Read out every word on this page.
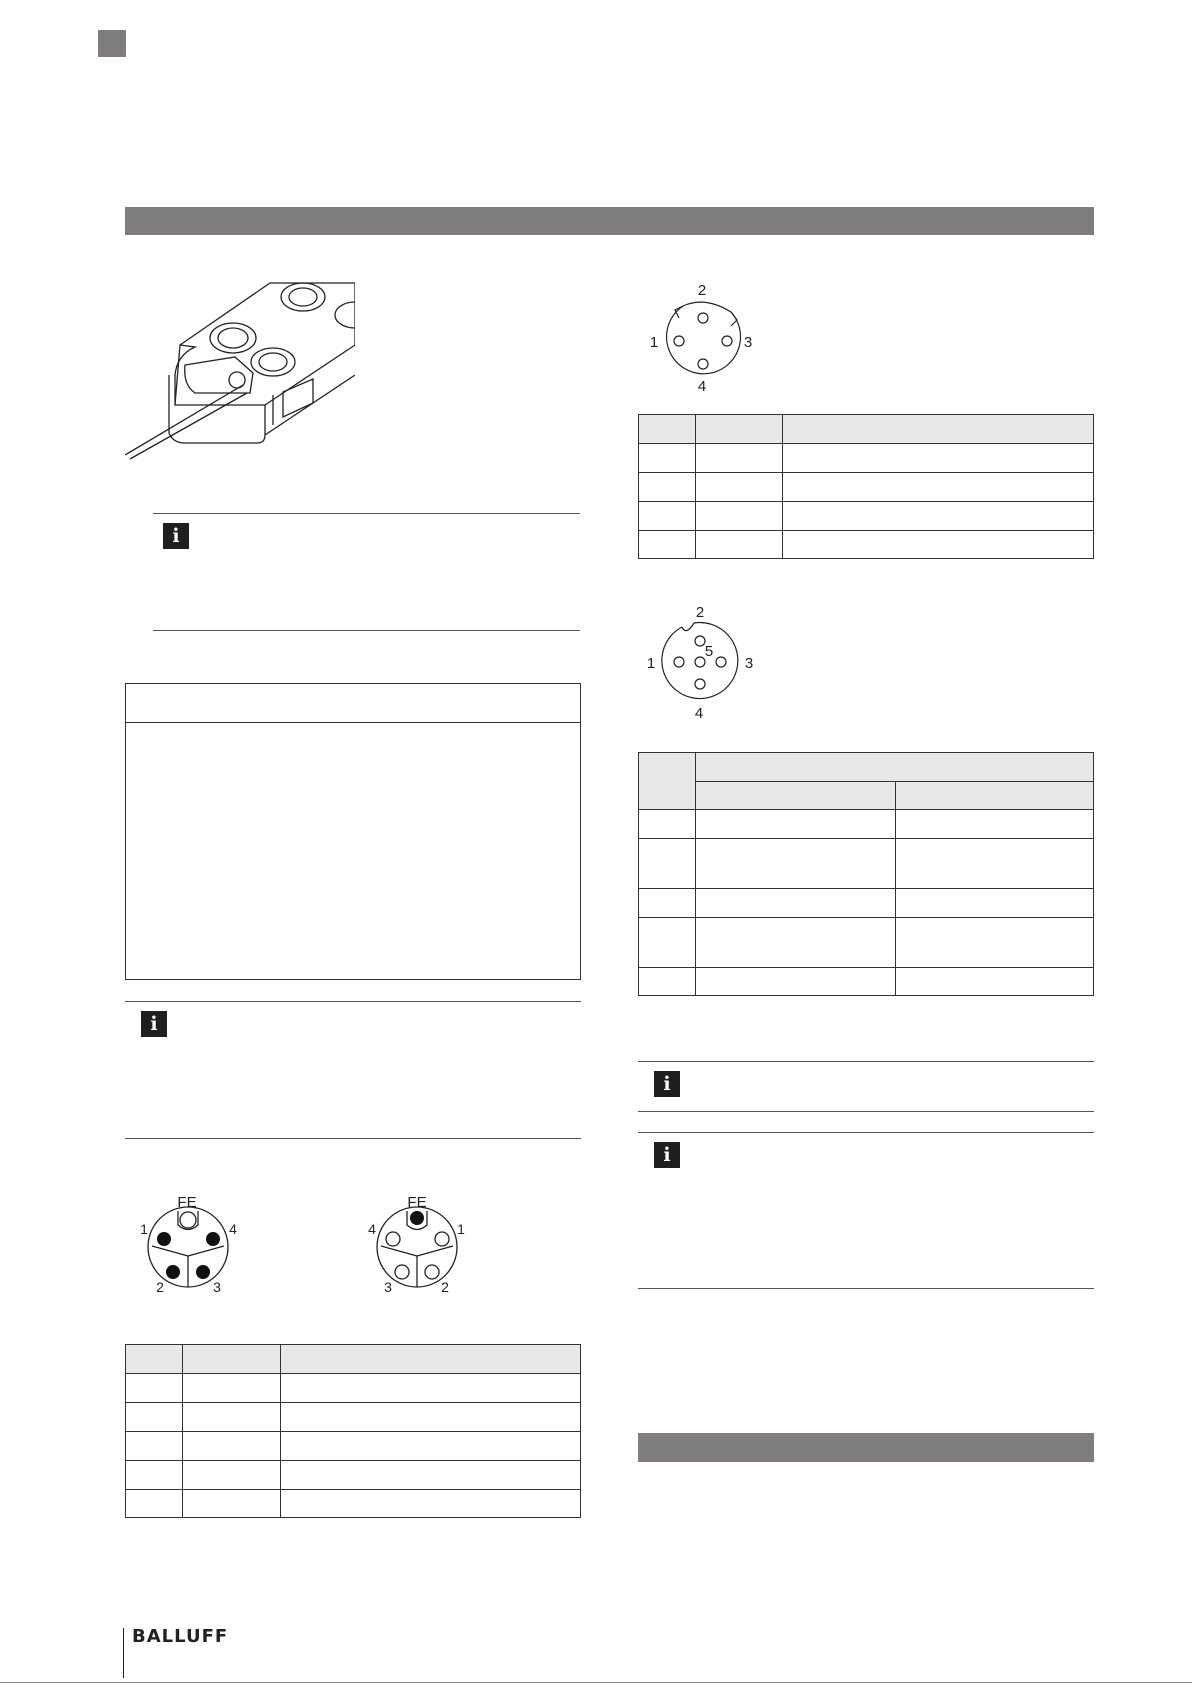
i
i
FE
1	4
2	3
FE
4	1
3	2

2
1	3
4

2
1
5
3
4

i
i
BALLUFF
